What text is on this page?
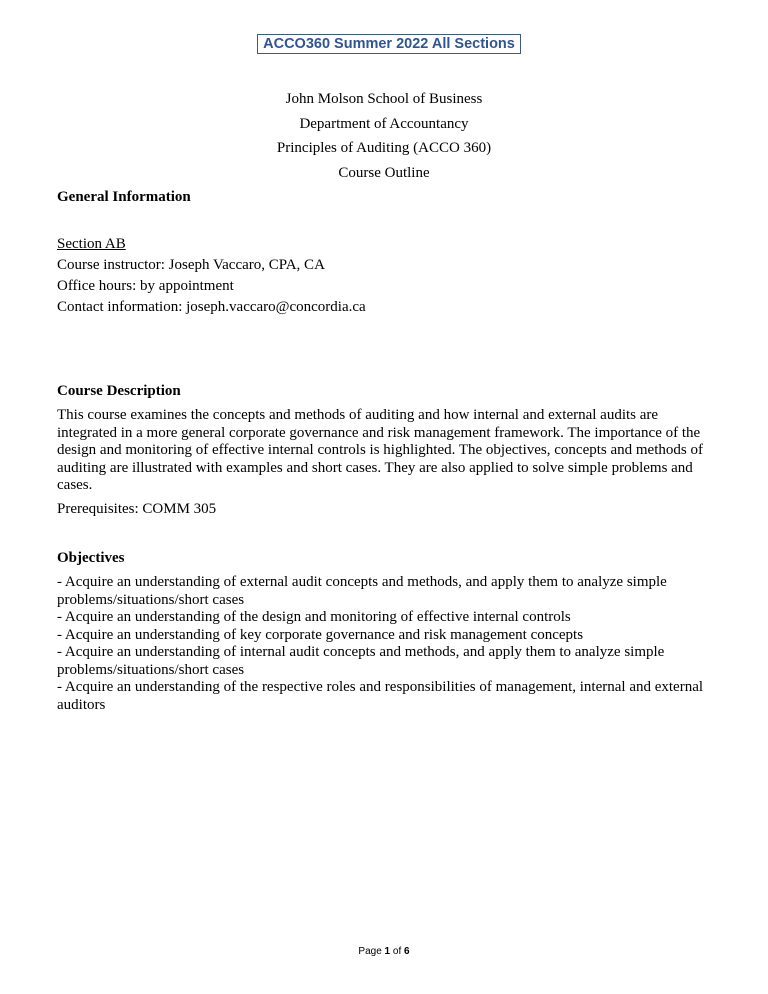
ACCO360 Summer 2022 All Sections
John Molson School of Business
Department of Accountancy
Principles of Auditing (ACCO 360)
Course Outline
General Information
Section AB
Course instructor: Joseph Vaccaro, CPA, CA
Office hours: by appointment
Contact information: joseph.vaccaro@concordia.ca
Course Description
This course examines the concepts and methods of auditing and how internal and external audits are integrated in a more general corporate governance and risk management framework. The importance of the design and monitoring of effective internal controls is highlighted. The objectives, concepts and methods of auditing are illustrated with examples and short cases. They are also applied to solve simple problems and cases.
Prerequisites: COMM 305
Objectives
- Acquire an understanding of external audit concepts and methods, and apply them to analyze simple problems/situations/short cases
- Acquire an understanding of the design and monitoring of effective internal controls
- Acquire an understanding of key corporate governance and risk management concepts
- Acquire an understanding of internal audit concepts and methods, and apply them to analyze simple problems/situations/short cases
- Acquire an understanding of the respective roles and responsibilities of management, internal and external auditors
Page 1 of 6
